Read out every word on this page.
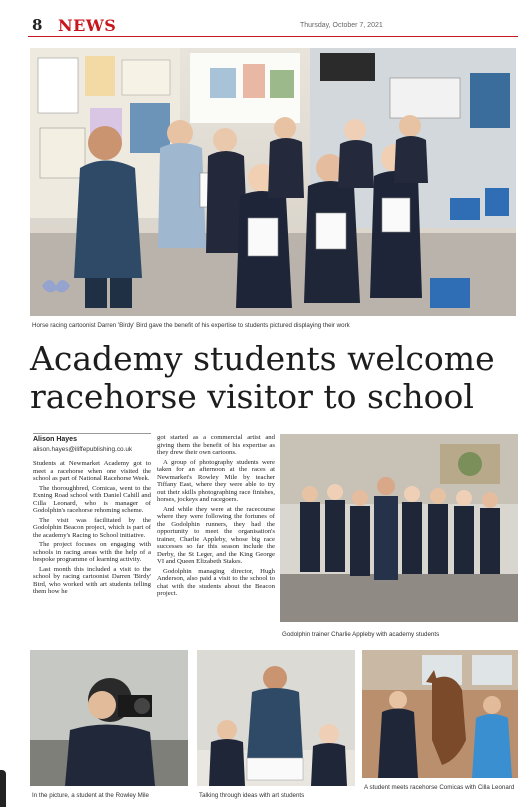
8 NEWS	Thursday, October 7, 2021
Horse racing cartoonist Darren 'Birdy' Bird gave the benefit of his expertise to students pictured displaying their work
Academy students welcome racehorse visitor to school
Alison Hayes
alison.hayes@iliffepublishing.co.uk

Students at Newmarket Academy got to meet a racehorse when one visited the school as part of National Racehorse Week.

The thoroughbred, Comicas, went to the Exning Road school with Daniel Cahill and Cilla Leonard, who is manager of Godolphin's racehorse rehoming scheme.

The visit was facilitated by the Godolphin Beacon project, which is part of the academy's Racing to School initiative.

The project focuses on engaging with schools in racing areas with the help of a bespoke programme of learning activity.

Last month this included a visit to the school by racing cartoonist Darren 'Birdy' Bird, who worked with art students telling them how he

got started as a commercial artist and giving them the benefit of his expertise as they drew their own cartoons.

A group of photography students were taken for an afternoon at the races at Newmarket's Rowley Mile by teacher Tiffany East, where they were able to try out their skills photographing race finishes, horses, jockeys and racegoers.

And while they were at the racecourse where they were following the fortunes of the Godolphin runners, they had the opportunity to meet the organisation's trainer, Charlie Appleby, whose big race successes so far this season include the Derby, the St Leger, and the King George VI and Queen Elizabeth Stakes.

Godolphin managing director, Hugh Anderson, also paid a visit to the school to chat with the students about the Beacon project.

Godolphin trainer Charlie Appleby with academy students
In the picture, a student at the Rowley Mile	Talking through ideas with art students
A student meets racehorse Comicas with Cilla Leonard
